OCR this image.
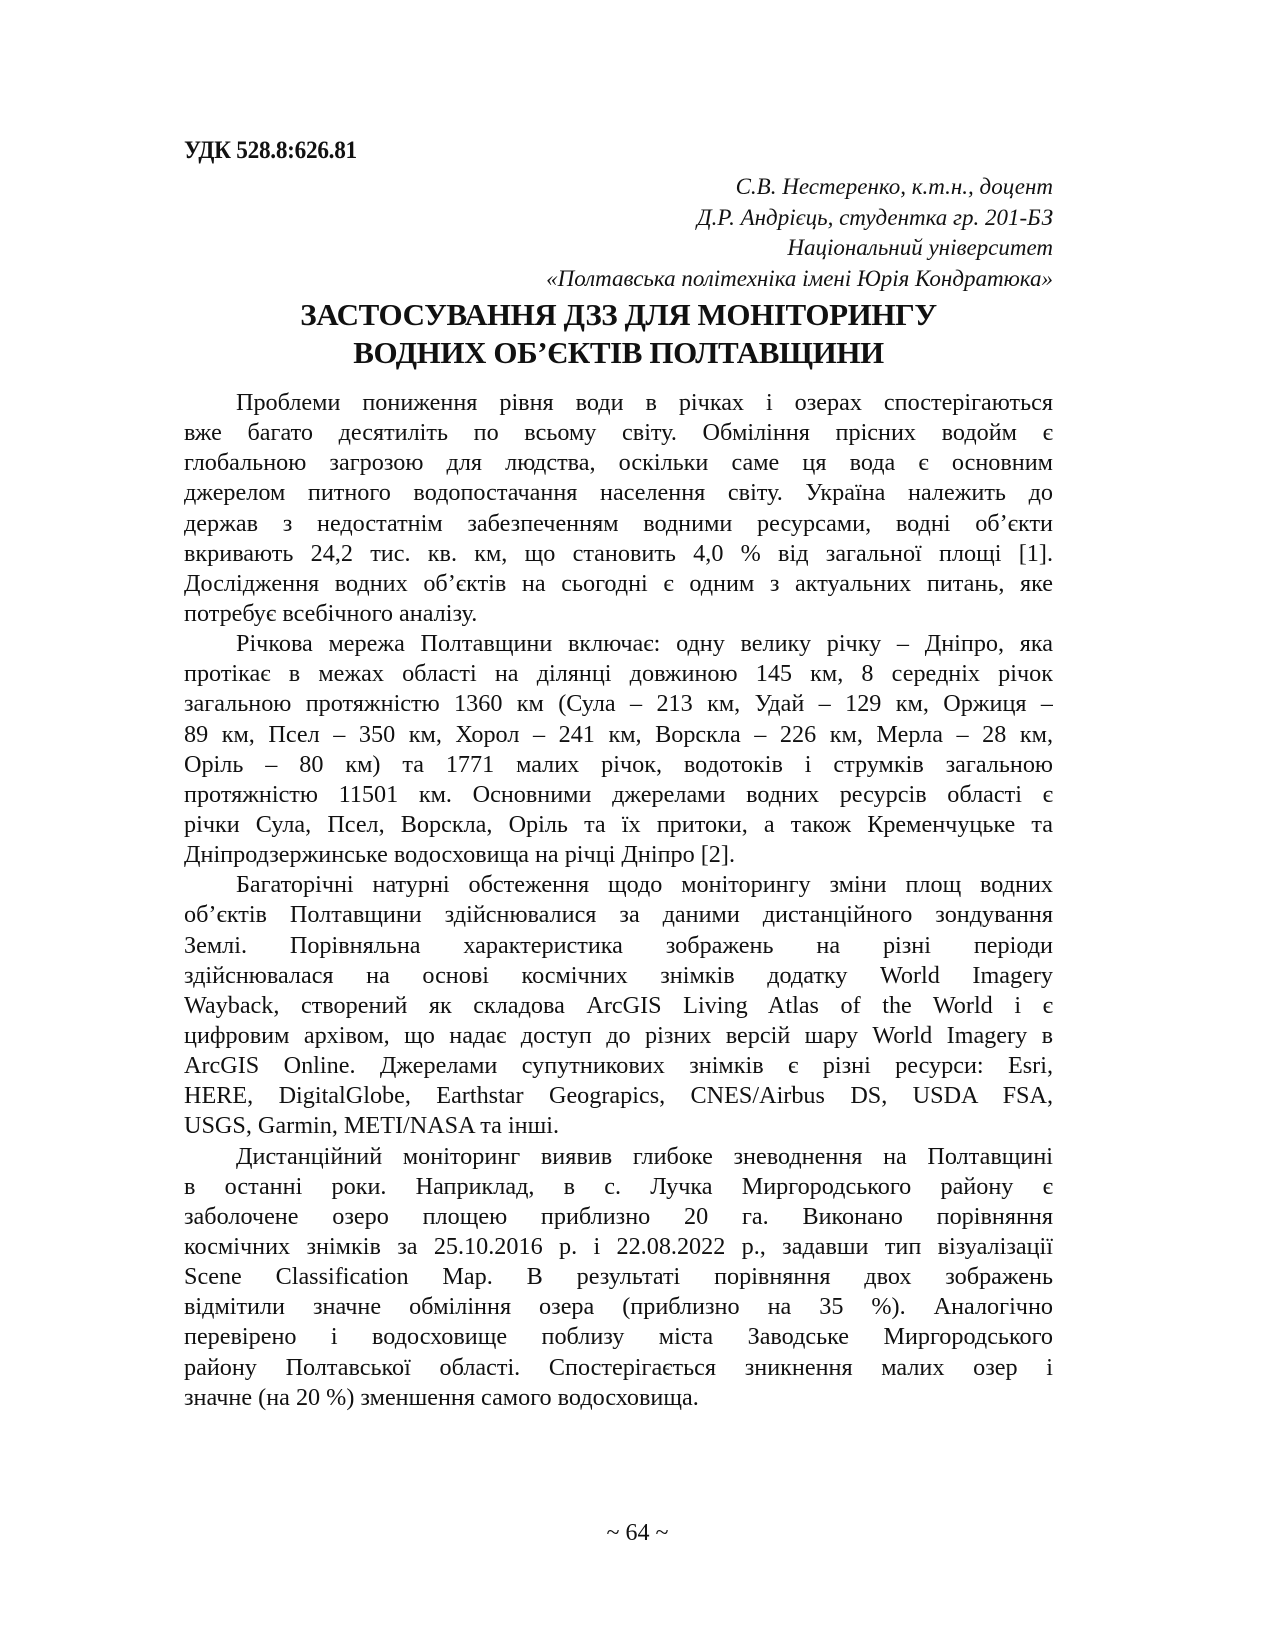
УДК 528.8:626.81
С.В. Нестеренко, к.т.н., доцент
Д.Р. Андрієць, студентка гр. 201-БЗ
Національний університет
«Полтавська політехніка імені Юрія Кондратюка»
ЗАСТОСУВАННЯ ДЗЗ ДЛЯ МОНІТОРИНГУ
ВОДНИХ ОБ’ЄКТІВ ПОЛТАВЩИНИ
Проблеми пониження рівня води в річках і озерах спостерігаються
вже багато десятиліть по всьому світу. Обміління прісних водойм є
глобальною загрозою для людства, оскільки саме ця вода є основним
джерелом питного водопостачання населення світу. Україна належить до
держав з недостатнім забезпеченням водними ресурсами, водні об’єкти
вкривають 24,2 тис. кв. км, що становить 4,0 % від загальної площі [1].
Дослідження водних об’єктів на сьогодні є одним з актуальних питань, яке
потребує всебічного аналізу.
Річкова мережа Полтавщини включає: одну велику річку – Дніпро, яка
протікає в межах області на ділянці довжиною 145 км, 8 середніх річок
загальною протяжністю 1360 км (Сула – 213 км, Удай – 129 км, Оржиця –
89 км, Псел – 350 км, Хорол – 241 км, Ворскла – 226 км, Мерла – 28 км,
Оріль – 80 км) та 1771 малих річок, водотоків і струмків загальною
протяжністю 11501 км. Основними джерелами водних ресурсів області є
річки Сула, Псел, Ворскла, Оріль та їх притоки, а також Кременчуцьке та
Дніпродзержинське водосховища на річці Дніпро [2].
Багаторічні натурні обстеження щодо моніторингу зміни площ водних
об’єктів Полтавщини здійснювалися за даними дистанційного зондування
Землі. Порівняльна характеристика зображень на різні періоди
здійснювалася на основі космічних знімків додатку World Imagery
Wayback, створений як складова ArcGIS Living Atlas of the World і є
цифровим архівом, що надає доступ до різних версій шару World Imagery в
ArcGIS Online. Джерелами супутникових знімків є різні ресурси: Esri,
HERE, DigitalGlobe, Earthstar Geograpics, CNES/Airbus DS, USDA FSA,
USGS, Garmin, METI/NASA та інші.
Дистанційний моніторинг виявив глибоке зневоднення на Полтавщині
в останні роки. Наприклад, в с. Лучка Миргородського району є
заболочене озеро площею приблизно 20 га. Виконано порівняння
космічних знімків за 25.10.2016 р. і 22.08.2022 р., задавши тип візуалізації
Scene Classification Map. В результаті порівняння двох зображень
відмітили значне обміління озера (приблизно на 35 %). Аналогічно
перевірено і водосховище поблизу міста Заводське Миргородського
району Полтавської області. Спостерігається зникнення малих озер і
значне (на 20 %) зменшення самого водосховища.
~ 64 ~
